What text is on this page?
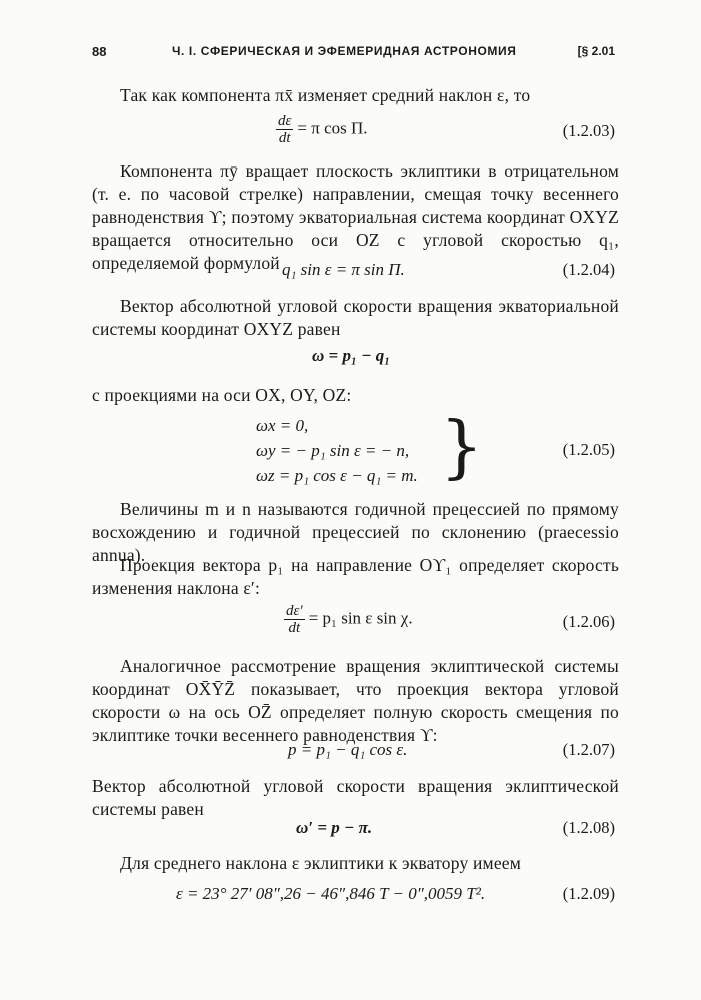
88	Ч. I. СФЕРИЧЕСКАЯ И ЭФЕМЕРИДНАЯ АСТРОНОМИЯ	[§ 2.01
Так как компонента πx̄ изменяет средний наклон ε, то
$\frac{d\varepsilon}{dt} = \pi$ cos Π.	(1.2.03)
Компонента πȳ вращает плоскость эклиптики в отрицательном (т. е. по часовой стрелке) направлении, смещая точку весеннего равноденствия ϒ; поэтому экваториальная система координат OXYZ вращается относительно оси OZ с угловой скоростью q₁, определяемой формулой q₁ sin ε = π sin Π.	(1.2.04)
Вектор абсолютной угловой скорости вращения экваториальной системы координат OXYZ равен
ω = p₁ − q₁
с проекциями на оси OX, OY, OZ:
ωx = 0,
ωy = − p₁ sin ε = − n,
ωz = p₁ cos ε − q₁ = m. }	(1.2.05)
Величины m и n называются годичной прецессией по прямому восхождению и годичной прецессией по склонению (praecessio annua).
Проекция вектора p₁ на направление Oϒ₁ определяет скорость изменения наклона ε′:
$\frac{d\varepsilon'}{dt} = p_1$ sin ε sin χ.	(1.2.06)
Аналогичное рассмотрение вращения эклиптической системы координат OX̄ȲZ̄ показывает, что проекция вектора угловой скорости ω на ось OZ̄ определяет полную скорость смещения по эклиптике точки весеннего равноденствия ϒ:
p = p₁ − q₁ cos ε.	(1.2.07)
Вектор абсолютной угловой скорости вращения эклиптической системы равен
ω′ = p − π.	(1.2.08)
Для среднего наклона ε эклиптики к экватору имеем
ε = 23° 27′ 08″,26 − 46″,846 T − 0″,0059 T².	(1.2.09)
